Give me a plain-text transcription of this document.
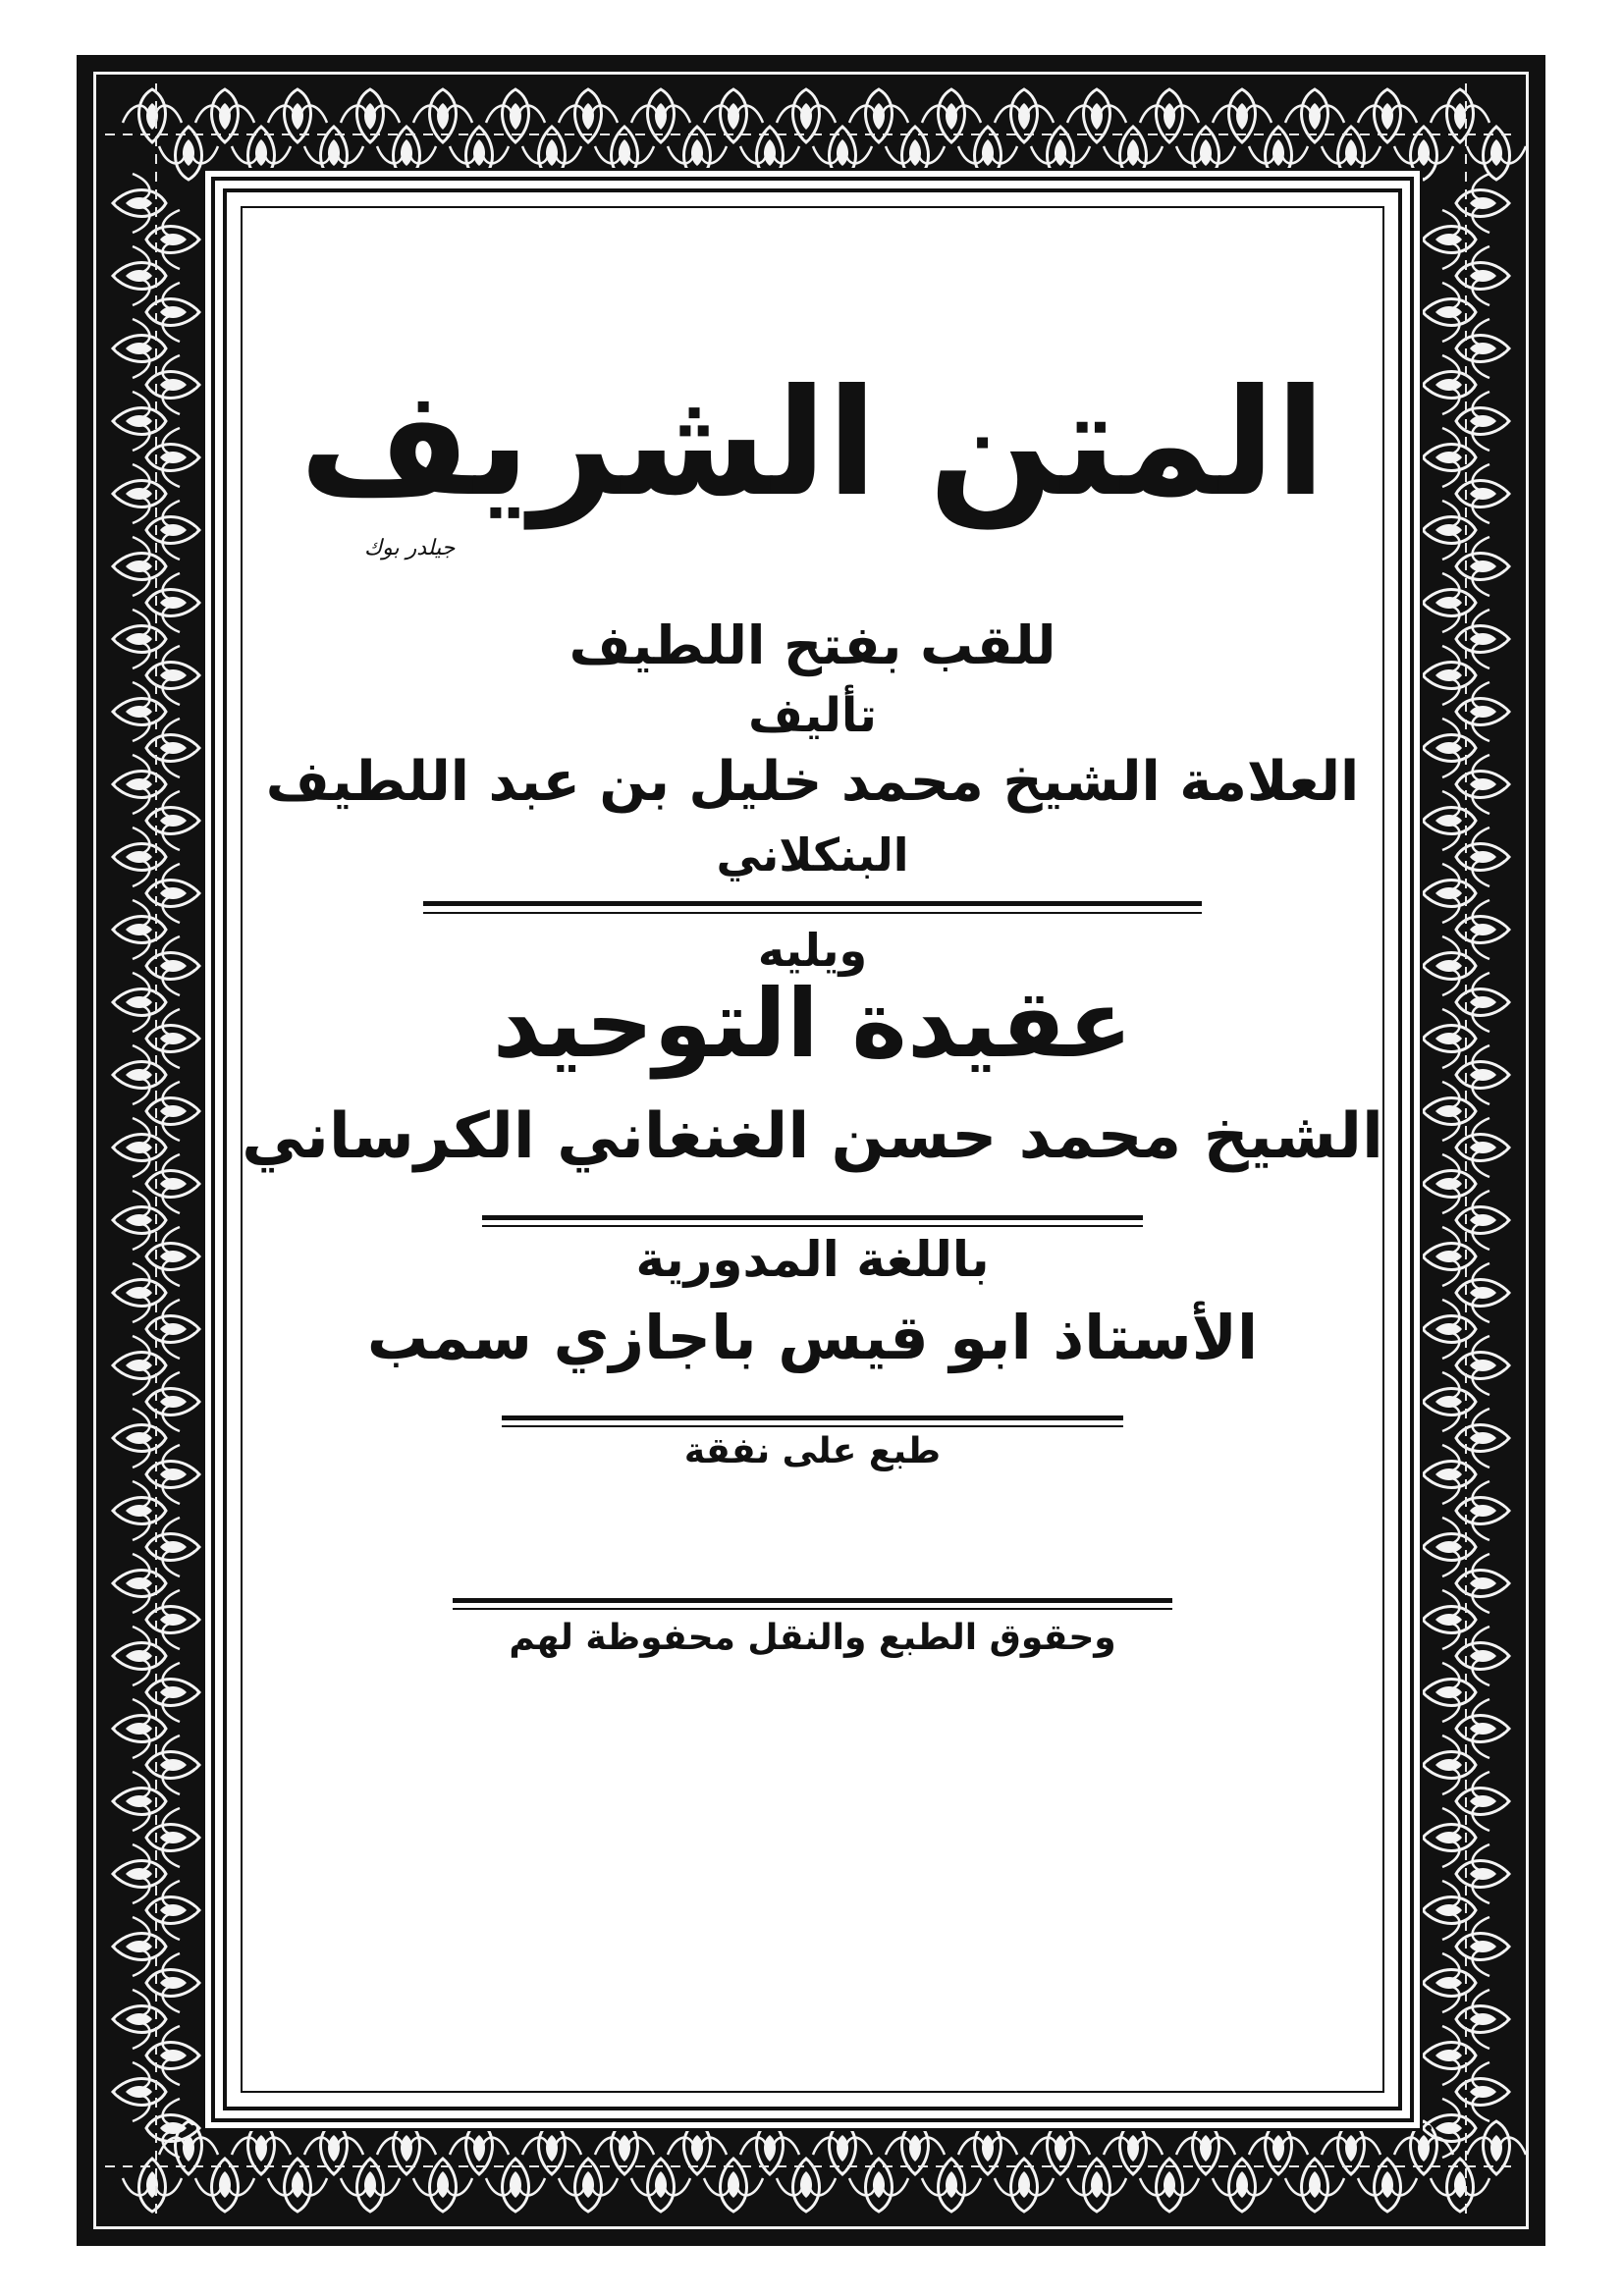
المتن الشريف
جيلدر بوك
للقب بفتح اللطيف
تأليف
العلامة الشيخ محمد خليل بن عبد اللطيف
البنكلاني
ويليه
عقيدة التوحيد
الشيخ محمد حسن الغنغاني الكرساني
باللغة المدورية
الأستاذ ابو قيس باجازي سمب
طبع على نفقة
وحقوق الطبع والنقل محفوظة لهم
